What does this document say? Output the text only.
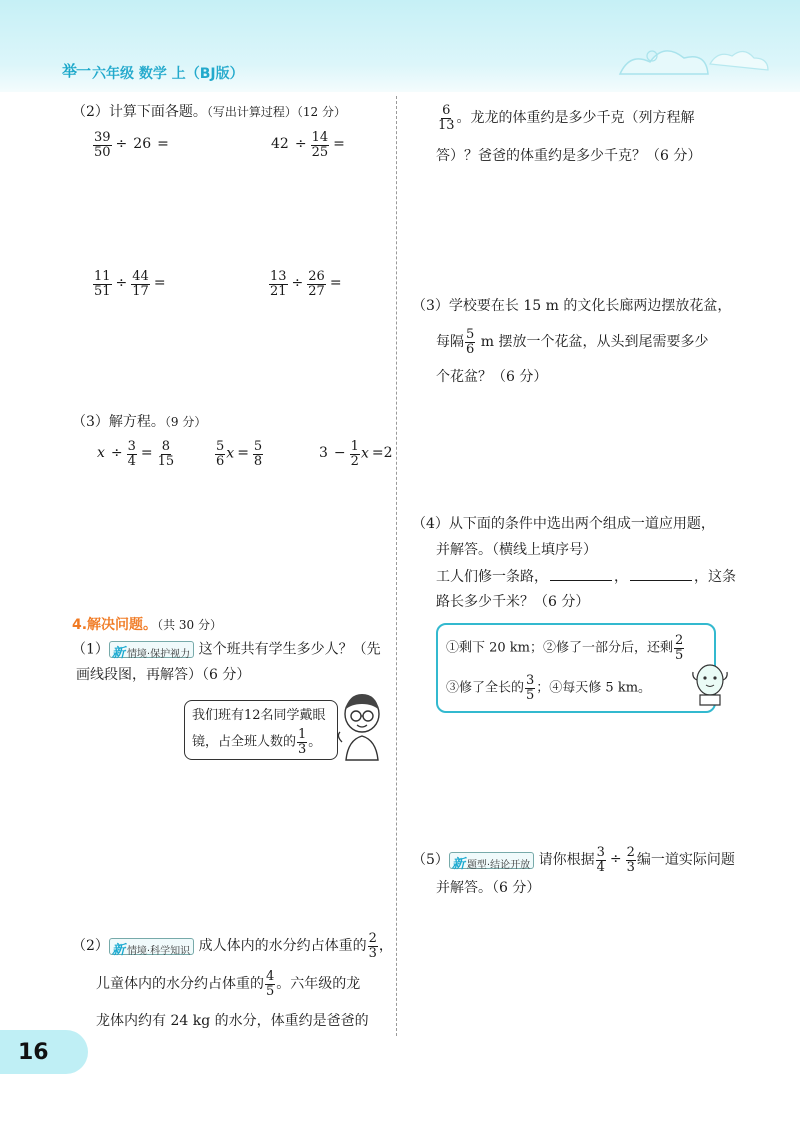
举一 六年级 数学 上（BJ版）
（2）计算下面各题。（写出计算过程）（12 分）
$\frac{39}{50} \div 26$ =	$42 \div \frac{14}{25}$ =
$\frac{11}{51} \div \frac{44}{17}$ =	$\frac{13}{21} \div \frac{26}{27}$ =
（3）解方程。（9 分）
$x \div \frac{3}{4} = \frac{8}{15}$	$\frac{5}{6}$ $x = \frac{5}{8}$	$3 - \frac{1}{2}$ x =2
4.解决问题。（共 30 分）
（1） 新 情境·保护视力 这个班共有学生多少人？（先
画线段图，再解答）（6 分）
我们班有12名同学戴眼
镜，占全班人数的 $\frac{1}{3}$ 。
（2） 新 情境·科学知识 成人体内的水分约占体重的 $\frac{2}{3}$ ，
儿童体内的水分约占体重的 $\frac{4}{5}$ 。六年级的龙
龙体内约有 24 kg 的水分，体重约是爸爸的
16
$\frac{6}{13}$ 。龙龙的体重约是多少千克（列方程解
答）？爸爸的体重约是多少千克？（6 分）
（3）学校要在长 15 m 的文化长廊两边摆放花盆，
每隔 $\frac{5}{6}$ m 摆放一个花盆，从头到尾需要多少
个花盆？（6 分）
（4）从下面的条件中选出两个组成一道应用题，
并解答。（横线上填序号）
工人们修一条路，	，	，这条
路长多少千米？（6 分）
①剩下 20 km；②修了一部分后，还剩 $\frac{2}{5}$
③修了全长的 $\frac{3}{5}$ ；④每天修 5 km。
（5） 新 题型·结论开放 请你根据 $\frac{3}{4} \div \frac{2}{3}$ 编一道实际问题
并解答。（6 分）
